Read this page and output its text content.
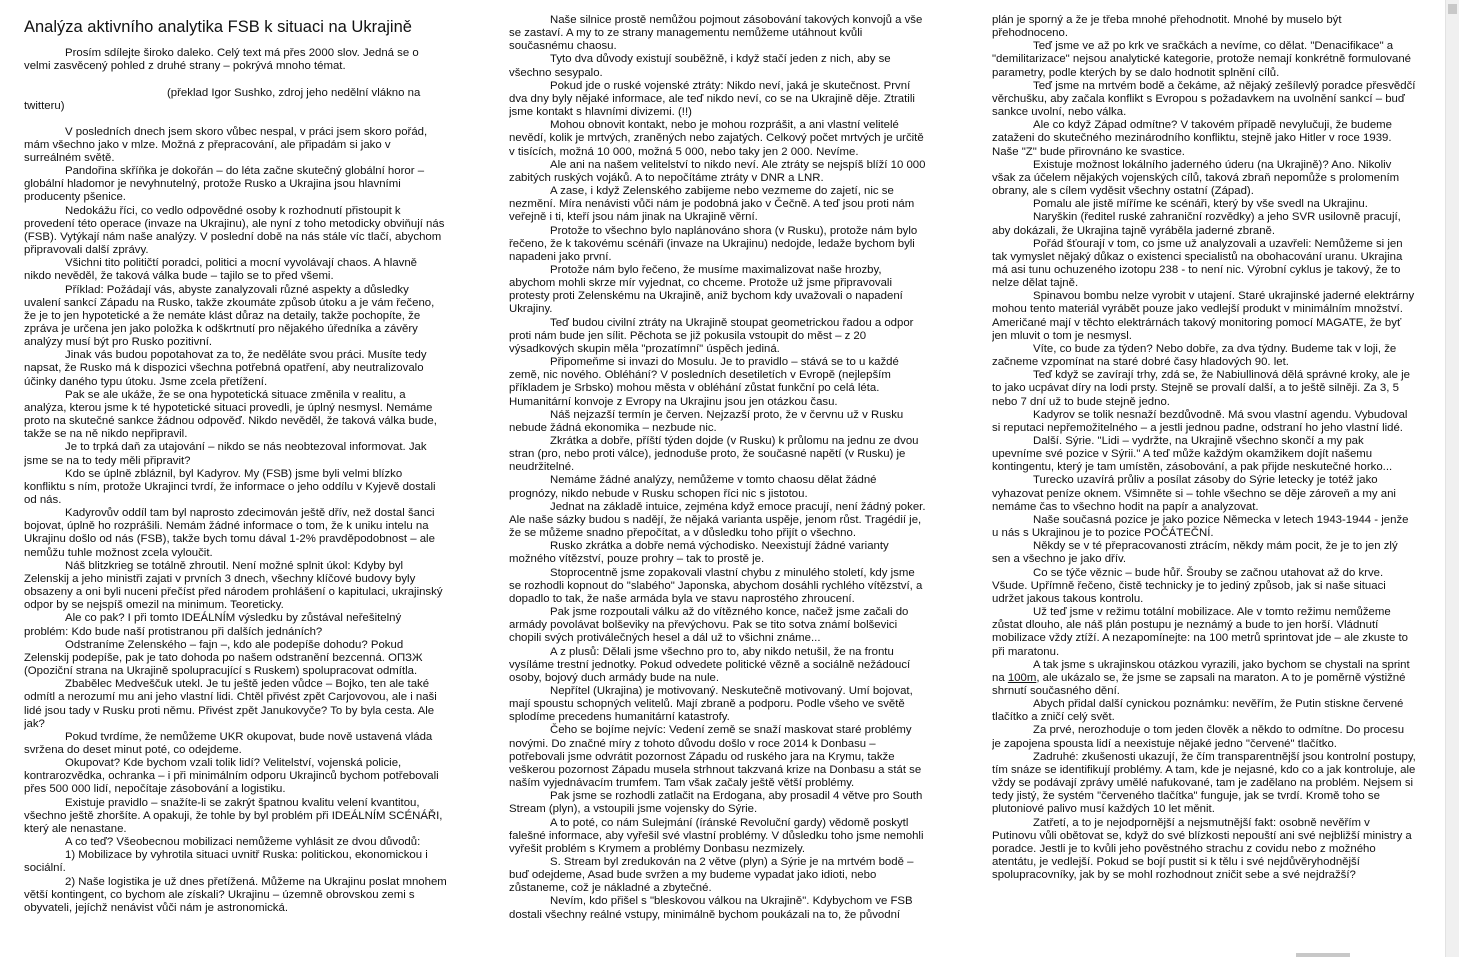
Analýza aktivního analytika FSB k situaci na Ukrajině

Prosím sdílejte široko daleko. Celý text má přes 2000 slov. Jedná se o velmi zasvěcený pohled z druhé strany – pokrývá mnoho témat.

(překlad Igor Sushko, zdroj jeho nedělní vlákno na twitteru)

V posledních dnech jsem skoro vůbec nespal, v práci jsem skoro pořád, mám všechno jako v mlze. Možná z přepracování, ale připadám si jako v surreálném světě.

Pandořina skříňka je dokořán – do léta začne skutečný globální horor – globální hladomor je nevyhnutelný, protože Rusko a Ukrajina jsou hlavními producenty pšenice.

Nedokážu říci, co vedlo odpovědné osoby k rozhodnutí přistoupit k provedení této operace (invaze na Ukrajinu), ale nyní z toho metodicky obviňují nás (FSB). Vytýkají nám naše analýzy. V poslední době na nás stále víc tlačí, abychom připravovali další zprávy.

Všichni tito političtí poradci, politici a mocní vyvolávají chaos. A hlavně nikdo nevěděl, že taková válka bude – tajilo se to před všemi.

Příklad: Požádají vás, abyste zanalyzovali různé aspekty a důsledky uvalení sankcí Západu na Rusko, takže zkoumáte způsob útoku a je vám řečeno, že je to jen hypotetické a že nemáte klást důraz na detaily, takže pochopíte, že zpráva je určena jen jako položka k odškrtnutí pro nějakého úředníka a závěry analýzy musí být pro Rusko pozitivní.

Jinak vás budou popotahovat za to, že neděláte svou práci. Musíte tedy napsat, že Rusko má k dispozici všechna potřebná opatření, aby neutralizovalo účinky daného typu útoku. Jsme zcela přetížení.

Pak se ale ukáže, že se ona hypotetická situace změnila v realitu, a analýza, kterou jsme k té hypotetické situaci provedli, je úplný nesmysl. Nemáme proto na skutečné sankce žádnou odpověď. Nikdo nevěděl, že taková válka bude, takže se na ně nikdo nepřipravil.

Je to trpká daň za utajování – nikdo se nás neobtezoval informovat. Jak jsme se na to tedy měli připravit?

Kdo se úplně zbláznil, byl Kadyrov. My (FSB) jsme byli velmi blízko konfliktu s ním, protože Ukrajinci tvrdí, že informace o jeho oddílu v Kyjevě dostali od nás.

Kadyrovův oddíl tam byl naprosto zdecimován ještě dřív, než dostal šanci bojovat, úplně ho rozprášili. Nemám žádné informace o tom, že k uniku intelu na Ukrajinu došlo od nás (FSB), takže bych tomu dával 1-2% pravděpodobnost – ale nemůžu tuhle možnost zcela vyloučit.

Náš blitzkrieg se totálně zhroutil. Není možné splnit úkol: Kdyby byl Zelenskij a jeho ministři zajati v prvních 3 dnech, všechny klíčové budovy byly obsazeny a oni byli nuceni přečíst před národem prohlášení o kapitulaci, ukrajinský odpor by se nejspíš omezil na minimum. Teoreticky.

Ale co pak? I při tomto IDEÁLNÍM výsledku by zůstával neřešitelný problém: Kdo bude naší protistranou při dalších jednáních?

Odstraníme Zelenského – fajn –, kdo ale podepíše dohodu? Pokud Zelenskij podepíše, pak je tato dohoda po našem odstranění bezcenná. ОПЗЖ (Opoziční strana na Ukrajině spolupracující s Ruskem) spolupracovat odmítla.

Zbabělec Medveščuk utekl. Je tu ještě jeden vůdce – Bojko, ten ale také odmítl a nerozumí mu ani jeho vlastní lidi. Chtěl přivést zpět Carjovovou, ale i naši lidé jsou tady v Rusku proti němu. Přivést zpět Janukovyče? To by byla cesta. Ale jak?

Pokud tvrdíme, že nemůžeme UKR okupovat, bude nově ustavená vláda svržena do deset minut poté, co odejdeme.

Okupovat? Kde bychom vzali tolik lidí? Velitelství, vojenská policie, kontrarozvědka, ochranka – i při minimálním odporu Ukrajinců bychom potřebovali přes 500 000 lidí, nepočítaje zásobování a logistiku.

Existuje pravidlo – snažíte-li se zakrýt špatnou kvalitu velení kvantitou, všechno ještě zhoršíte. A opakuji, že tohle by byl problém při IDEÁLNÍM SCÉNÁŘI, který ale nenastane.

A co teď? Všeobecnou mobilizaci nemůžeme vyhlásit ze dvou důvodů:

1) Mobilizace by vyhrotila situaci uvnitř Ruska: politickou, ekonomickou i sociální.

2) Naše logistika je už dnes přetížená. Můžeme na Ukrajinu poslat mnohem větší kontingent, co bychom ale získali? Ukrajinu – územně obrovskou zemi s obyvateli, jejíchž nenávist vůči nám je astronomická.

Naše silnice prostě nemůžou pojmout zásobování takových konvojů a vše se zastaví. A my to ze strany managementu nemůžeme utáhnout kvůli současnému chaosu.

Tyto dva důvody existují souběžně, i když stačí jeden z nich, aby se všechno sesypalo.

Pokud jde o ruské vojenské ztráty: Nikdo neví, jaká je skutečnost. První dva dny byly nějaké informace, ale teď nikdo neví, co se na Ukrajině děje. Ztratili jsme kontakt s hlavními divizemi. (!!)

Mohou obnovit kontakt, nebo je mohou rozprášit, a ani vlastní velitelé nevědí, kolik je mrtvých, zraněných nebo zajatých. Celkový počet mrtvých je určitě v tisících, možná 10 000, možná 5 000, nebo taky jen 2 000. Nevíme.

Ale ani na našem velitelství to nikdo neví. Ale ztráty se nejspíš blíží 10 000 zabitých ruských vojáků. A to nepočítáme ztráty v DNR a LNR.

A zase, i když Zelenského zabijeme nebo vezmeme do zajetí, nic se nezmění. Míra nenávisti vůči nám je podobná jako v Čečně. A teď jsou proti nám veřejně i ti, kteří jsou nám jinak na Ukrajině věrní.

Protože to všechno bylo naplánováno shora (v Rusku), protože nám bylo řečeno, že k takovému scénáři (invaze na Ukrajinu) nedojde, ledaže bychom byli napadeni jako první.

Protože nám bylo řečeno, že musíme maximalizovat naše hrozby, abychom mohli skrze mír vyjednat, co chceme. Protože už jsme připravovali protesty proti Zelenskému na Ukrajině, aniž bychom kdy uvažovali o napadení Ukrajiny.

Teď budou civilní ztráty na Ukrajině stoupat geometrickou řadou a odpor proti nám bude jen sílit. Pěchota se již pokusila vstoupit do měst – z 20 výsadkových skupin měla "prozatímní" úspěch jediná.

Připomeňme si invazi do Mosulu. Je to pravidlo – stává se to u každé země, nic nového. Obléhání? V posledních desetiletích v Evropě (nejlepším příkladem je Srbsko) mohou města v obléhání zůstat funkční po celá léta. Humanitární konvoje z Evropy na Ukrajinu jsou jen otázkou času.

Náš nejzazší termín je červen. Nejzazší proto, že v červnu už v Rusku nebude žádná ekonomika – nezbude nic.

Zkrátka a dobře, příští týden dojde (v Rusku) k průlomu na jednu ze dvou stran (pro, nebo proti válce), jednoduše proto, že současné napětí (v Rusku) je neudržitelné.

Nemáme žádné analýzy, nemůžeme v tomto chaosu dělat žádné prognózy, nikdo nebude v Rusku schopen říci nic s jistotou.

Jednat na základě intuice, zejména když emoce pracují, není žádný poker. Ale naše sázky budou s nadějí, že nějaká varianta uspěje, jenom růst. Tragédií je, že se můžeme snadno přepočítat, a v důsledku toho přijít o všechno.

Rusko zkrátka a dobře nemá východisko. Neexistují žádné varianty možného vítězství, pouze prohry – tak to prostě je.

Stoprocentně jsme zopakovali vlastní chybu z minulého století, kdy jsme se rozhodli kopnout do "slabého" Japonska, abychom dosáhli rychlého vítězství, a dopadlo to tak, že naše armáda byla ve stavu naprostého zhroucení.

Pak jsme rozpoutali válku až do vítězného konce, načež jsme začali do armády povolávat bolševiky na převýchovu. Pak se tito sotva známí bolševici chopili svých protiválečných hesel a dál už to všichni známe...

A z plusů: Dělali jsme všechno pro to, aby nikdo netušil, že na frontu vysíláme trestní jednotky. Pokud odvedete politické vězně a sociálně nežádoucí osoby, bojový duch armády bude na nule.

Nepřítel (Ukrajina) je motivovaný. Neskutečně motivovaný. Umí bojovat, mají spoustu schopných velitelů. Mají zbraně a podporu. Podle všeho ve světě splodíme precedens humanitární katastrofy.

Čeho se bojíme nejvíc: Vedení země se snaží maskovat staré problémy novými. Do značné míry z tohoto důvodu došlo v roce 2014 k Donbasu – potřebovali jsme odvrátit pozornost Západu od ruského jara na Krymu, takže veškerou pozornost Západu musela strhnout takzvaná krize na Donbasu a stát se naším vyjednávacím trumfem. Tam však začaly ještě větší problémy.

Pak jsme se rozhodli zatlačit na Erdogana, aby prosadil 4 větve pro South Stream (plyn), a vstoupili jsme vojensky do Sýrie.

A to poté, co nám Sulejmání (íránské Revoluční gardy) vědomě poskytl falešné informace, aby vyřešil své vlastní problémy. V důsledku toho jsme nemohli vyřešit problém s Krymem a problémy Donbasu nezmizely.

S. Stream byl zredukován na 2 větve (plyn) a Sýrie je na mrtvém bodě – buď odejdeme, Asad bude svržen a my budeme vypadat jako idioti, nebo zůstaneme, což je nákladné a zbytečné.

Nevím, kdo přišel s "bleskovou válkou na Ukrajině". Kdybychom ve FSB dostali všechny reálné vstupy, minimálně bychom poukázali na to, že původní

plán je sporný a že je třeba mnohé přehodnotit. Mnohé by muselo být přehodnoceno.

Teď jsme ve až po krk ve sračkách a nevíme, co dělat. "Denacifikace" a "demilitarizace" nejsou analytické kategorie, protože nemají konkrétně formulované parametry, podle kterých by se dalo hodnotit splnění cílů.

Teď jsme na mrtvém bodě a čekáme, až nějaký zešílevlý poradce přesvědčí věrchušku, aby začala konflikt s Evropou s požadavkem na uvolnění sankcí – buď sankce uvolní, nebo válka.

Ale co když Západ odmítne? V takovém případě nevylučuji, že budeme zataženi do skutečného mezinárodního konfliktu, stejně jako Hitler v roce 1939. Naše "Z" bude přirovnáno ke svastice.

Existuje možnost lokálního jaderného úderu (na Ukrajině)? Ano. Nikoliv však za účelem nějakých vojenských cílů, taková zbraň nepomůže s prolomením obrany, ale s cílem vyděsit všechny ostatní (Západ).

Pomalu ale jistě míříme ke scénáři, který by vše svedl na Ukrajinu.

Naryškin (ředitel ruské zahraniční rozvědky) a jeho SVR usilovně pracují, aby dokázali, že Ukrajina tajně vyráběla jaderné zbraně.

Pořád šťourají v tom, co jsme už analyzovali a uzavřeli: Nemůžeme si jen tak vymyslet nějaký důkaz o existenci specialistů na obohacování uranu. Ukrajina má asi tunu ochuzeného izotopu 238 - to není nic. Výrobní cyklus je takový, že to nelze dělat tajně.

Spinavou bombu nelze vyrobit v utajení. Staré ukrajinské jaderné elektrárny mohou tento materiál vyrábět pouze jako vedlejší produkt v minimálním množství. Američané mají v těchto elektrárnách takový monitoring pomocí MAGATE, že byť jen mluvit o tom je nesmysl.

Víte, co bude za týden? Nebo dobře, za dva týdny. Budeme tak v loji, že začneme vzpomínat na staré dobré časy hladových 90. let.

Teď když se zavírají trhy, zdá se, že Nabiullinová dělá správné kroky, ale je to jako ucpávat díry na lodi prsty. Stejně se provalí další, a to ještě silněji. Za 3, 5 nebo 7 dní už to bude stejně jedno.

Kadyrov se tolik nesnaží bezdůvodně. Má svou vlastní agendu. Vybudoval si reputaci nepřemožitelného – a jestli jednou padne, odstraní ho jeho vlastní lidé.

Další. Sýrie. "Lidi – vydržte, na Ukrajině všechno skončí a my pak upevníme své pozice v Sýrii." A teď může každým okamžikem dojít našemu kontingentu, který je tam umístěn, zásobování, a pak přijde neskutečné horko...

Turecko uzavírá průliv a posílat zásoby do Sýrie letecky je totéž jako vyhazovat peníze oknem. Všimněte si – tohle všechno se děje zároveň a my ani nemáme čas to všechno hodit na papír a analyzovat.

Naše současná pozice je jako pozice Německa v letech 1943-1944 - jenže u nás s Ukrajinou je to pozice POČÁTEČNÍ.

Někdy se v té přepracovanosti ztrácím, někdy mám pocit, že je to jen zlý sen a všechno je jako dřív.

Co se týče věznic – bude hůř. Šrouby se začnou utahovat až do krve. Všude. Upřímně řečeno, čistě technicky je to jediný způsob, jak si naše situaci udržet jakous takous kontrolu.

Už teď jsme v režimu totální mobilizace. Ale v tomto režimu nemůžeme zůstat dlouho, ale náš plán postupu je neznámý a bude to jen horší. Vládnutí mobilizace vždy ztíží. A nezapomínejte: na 100 metrů sprintovat jde – ale zkuste to při maratonu.

A tak jsme s ukrajinskou otázkou vyrazili, jako bychom se chystali na sprint na 100m, ale ukázalo se, že jsme se zapsali na maraton. A to je poměrně výstižné shrnutí současného dění.

Abych přidal další cynickou poznámku: nevěřím, že Putin stiskne červené tlačítko a zničí celý svět.

Za prvé, nerozhoduje o tom jeden člověk a někdo to odmítne. Do procesu je zapojena spousta lidí a neexistuje nějaké jedno "červené" tlačítko.

Zadruhé: zkušenosti ukazují, že čím transparentnější jsou kontrolní postupy, tím snáze se identifikují problémy. A tam, kde je nejasné, kdo co a jak kontroluje, ale vždy se podávají zprávy umělé nafukované, tam je zadělano na problém. Nejsem si tedy jistý, že systém "červeného tlačítka" funguje, jak se tvrdí. Kromě toho se plutoniové palivo musí každých 10 let měnit.

Zatřetí, a to je nejodpornější a nejsmutnější fakt: osobně nevěřím v Putinovu vůli obětovat se, když do své blízkosti nepouští ani své nejbližší ministry a poradce. Jestli je to kvůli jeho pověstného strachu z covidu nebo z možného atentátu, je vedlejší. Pokud se bojí pustit si k tělu i své nejdůvěryhodnější spolupracovníky, jak by se mohl rozhodnout zničit sebe a své nejdražší?
